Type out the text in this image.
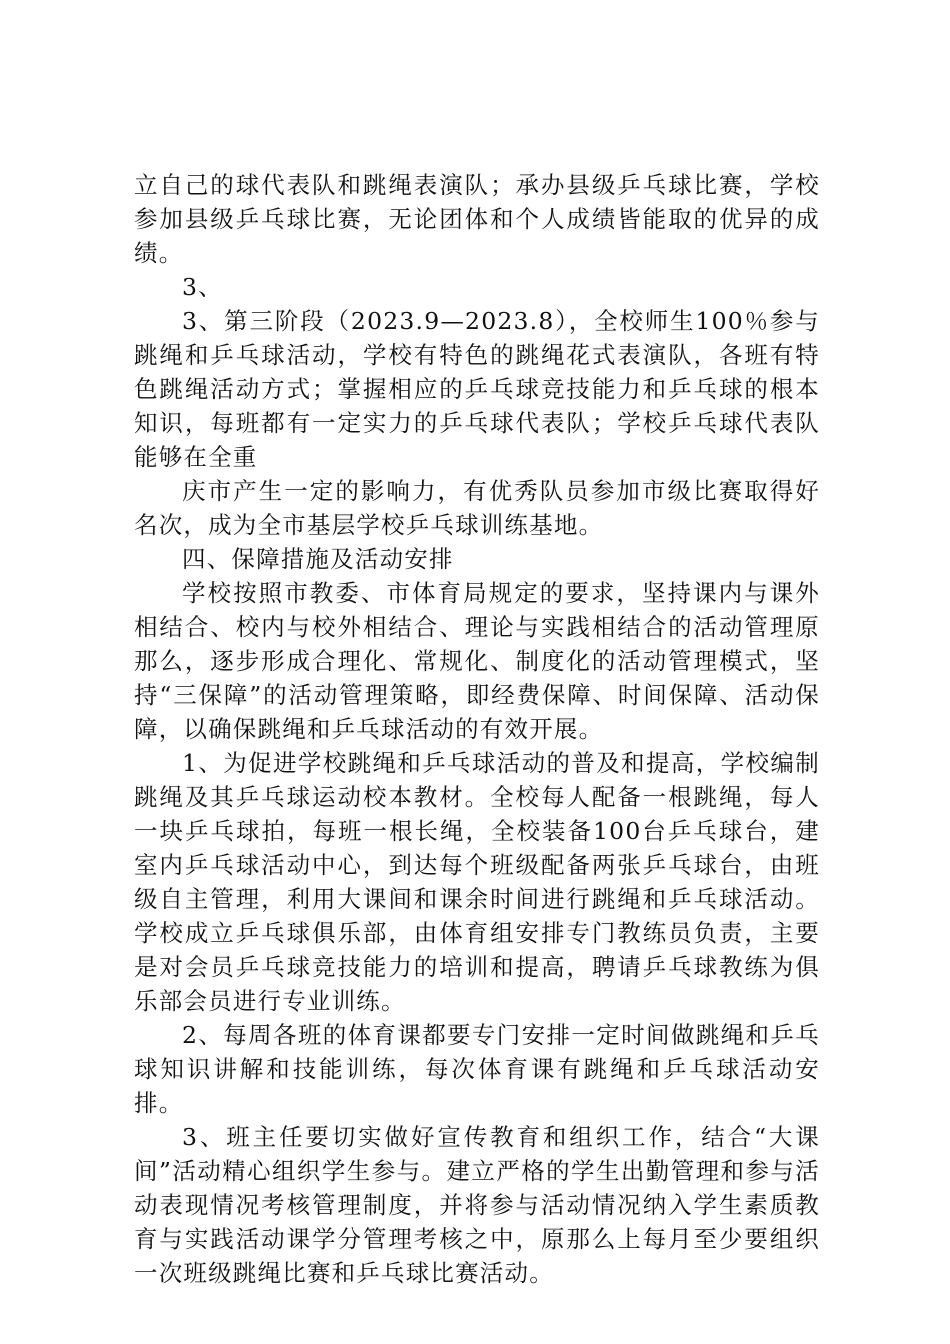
立自己的球代表队和跳绳表演队；承办县级乒乓球比赛，学校参加县级乒乓球比赛，无论团体和个人成绩皆能取的优异的成绩。

3、

3、第三阶段（2023.9—2023.8），全校师生100％参与跳绳和乒乓球活动，学校有特色的跳绳花式表演队，各班有特色跳绳活动方式；掌握相应的乒乓球竞技能力和乒乓球的根本知识，每班都有一定实力的乒乓球代表队；学校乒乓球代表队能够在全重

庆市产生一定的影响力，有优秀队员参加市级比赛取得好名次，成为全市基层学校乒乓球训练基地。

四、保障措施及活动安排

学校按照市教委、市体育局规定的要求，坚持课内与课外相结合、校内与校外相结合、理论与实践相结合的活动管理原那么，逐步形成合理化、常规化、制度化的活动管理模式，坚持“三保障”的活动管理策略，即经费保障、时间保障、活动保障，以确保跳绳和乒乓球活动的有效开展。

1、为促进学校跳绳和乒乓球活动的普及和提高，学校编制跳绳及其乒乓球运动校本教材。全校每人配备一根跳绳，每人一块乒乓球拍，每班一根长绳，全校装备100台乒乓球台，建室内乒乓球活动中心，到达每个班级配备两张乒乓球台，由班级自主管理，利用大课间和课余时间进行跳绳和乒乓球活动。学校成立乒乓球俱乐部，由体育组安排专门教练员负责，主要是对会员乒乓球竞技能力的培训和提高，聘请乒乓球教练为俱乐部会员进行专业训练。

2、每周各班的体育课都要专门安排一定时间做跳绳和乒乓球知识讲解和技能训练，每次体育课有跳绳和乒乓球活动安排。

3、班主任要切实做好宣传教育和组织工作，结合“大课间”活动精心组织学生参与。建立严格的学生出勤管理和参与活动表现情况考核管理制度，并将参与活动情况纳入学生素质教育与实践活动课学分管理考核之中，原那么上每月至少要组织一次班级跳绳比赛和乒乓球比赛活动。
